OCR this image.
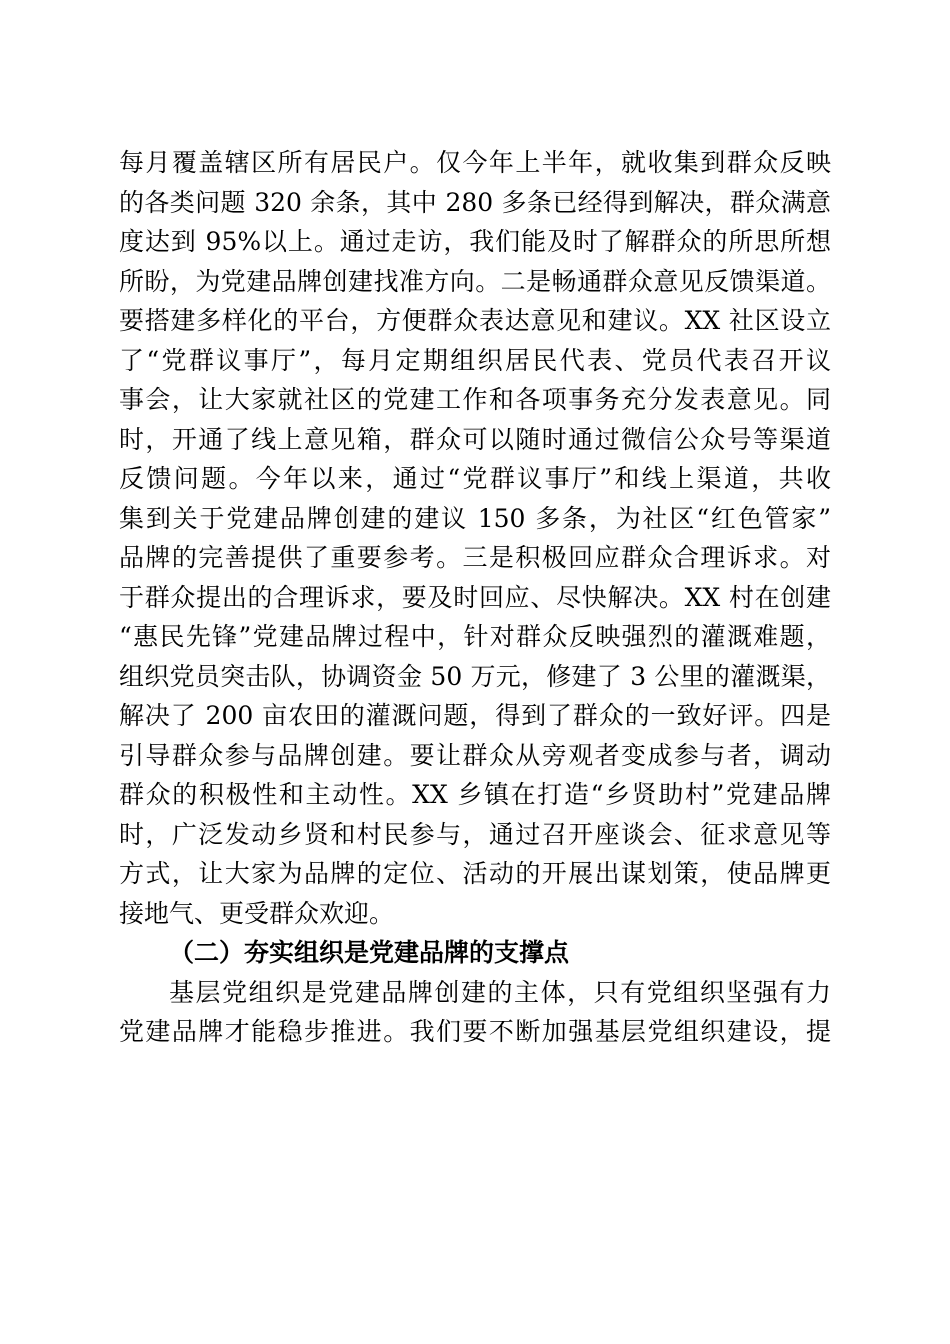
每月覆盖辖区所有居民户。仅今年上半年，就收集到群众反映
的各类问题 320 余条，其中 280 多条已经得到解决，群众满意
度达到 95%以上。通过走访，我们能及时了解群众的所思所想
所盼，为党建品牌创建找准方向。二是畅通群众意见反馈渠道。
要搭建多样化的平台，方便群众表达意见和建议。XX 社区设立
了“党群议事厅”，每月定期组织居民代表、党员代表召开议
事会，让大家就社区的党建工作和各项事务充分发表意见。同
时，开通了线上意见箱，群众可以随时通过微信公众号等渠道
反馈问题。今年以来，通过“党群议事厅”和线上渠道，共收
集到关于党建品牌创建的建议 150 多条，为社区“红色管家”
品牌的完善提供了重要参考。三是积极回应群众合理诉求。对
于群众提出的合理诉求，要及时回应、尽快解决。XX 村在创建
“惠民先锋”党建品牌过程中，针对群众反映强烈的灌溉难题，
组织党员突击队，协调资金 50 万元，修建了 3 公里的灌溉渠，
解决了 200 亩农田的灌溉问题，得到了群众的一致好评。四是
引导群众参与品牌创建。要让群众从旁观者变成参与者，调动
群众的积极性和主动性。XX 乡镇在打造“乡贤助村”党建品牌
时，广泛发动乡贤和村民参与，通过召开座谈会、征求意见等
方式，让大家为品牌的定位、活动的开展出谋划策，使品牌更
接地气、更受群众欢迎。
（二）夯实组织是党建品牌的支撑点
基层党组织是党建品牌创建的主体，只有党组织坚强有力
党建品牌才能稳步推进。我们要不断加强基层党组织建设，提
